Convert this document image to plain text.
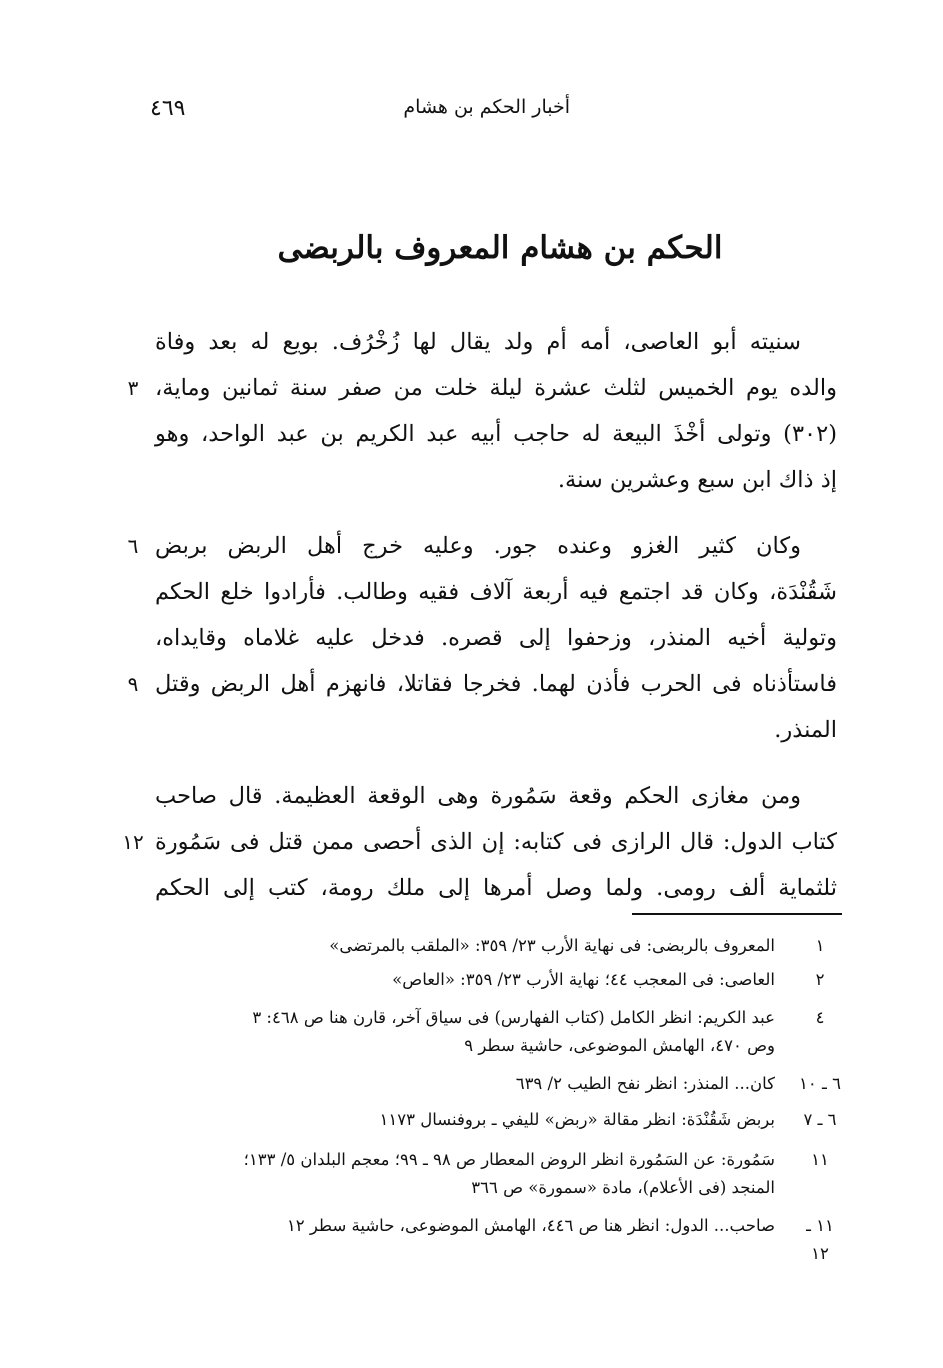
٤٦٩	أخبار الحكم بن هشام
الحكم بن هشام المعروف بالربضى
سنيته أبو العاصى، أمه أم ولد يقال لها زُخْرُف. بويع له بعد وفاة
والده يوم الخميس لثلث عشرة ليلة خلت من صفر سنة ثمانين وماية،
٣
(٣٠٢) وتولى أخْذَ البيعة له حاجب أبيه عبد الكريم بن عبد الواحد، وهو
إذ ذاك ابن سبع وعشرين سنة.
وكان كثير الغزو وعنده جور. وعليه خرج أهل الربض بربض
٦
شَقُنْدَة، وكان قد اجتمع فيه أربعة آلاف فقيه وطالب. فأرادوا خلع الحكم
وتولية أخيه المنذر، وزحفوا إلى قصره. فدخل عليه غلاماه وقايداه،
فاستأذناه فى الحرب فأذن لهما. فخرجا فقاتلا، فانهزم أهل الربض وقتل
٩
المنذر.
ومن مغازى الحكم وقعة سَمُورة وهى الوقعة العظيمة. قال صاحب
كتاب الدول: قال الرازى فى كتابه: إن الذى أحصى ممن قتل فى سَمُورة
١٢
ثلثماية ألف رومى. ولما وصل أمرها إلى ملك رومة، كتب إلى الحكم
١
المعروف بالربضى: فى نهاية الأرب ٢٣/ ٣٥٩: «الملقب بالمرتضى»
٢
العاصى: فى المعجب ٤٤؛ نهاية الأرب ٢٣/ ٣٥٩: «العاص»
٤
عبد الكريم: انظر الكامل (كتاب الفهارس) فى سياق آخر، قارن هنا ص ٤٦٨: ٣
وص ٤٧٠، الهامش الموضوعى، حاشية سطر ٩
٦ ـ ١٠
كان... المنذر: انظر نفح الطيب ٢/ ٦٣٩
٦ ـ ٧
بربض شَقُنْدَة: انظر مقالة «ربض» لليفي ـ بروفنسال ١١٧٣
١١
سَمُورة: عن السَمُورة انظر الروض المعطار ص ٩٨ ـ ٩٩؛ معجم البلدان ٥/ ١٣٣؛
المنجد (فى الأعلام)، مادة «سمورة» ص ٣٦٦
١١ ـ ١٢
صاحب... الدول: انظر هنا ص ٤٤٦، الهامش الموضوعى، حاشية سطر ١٢
